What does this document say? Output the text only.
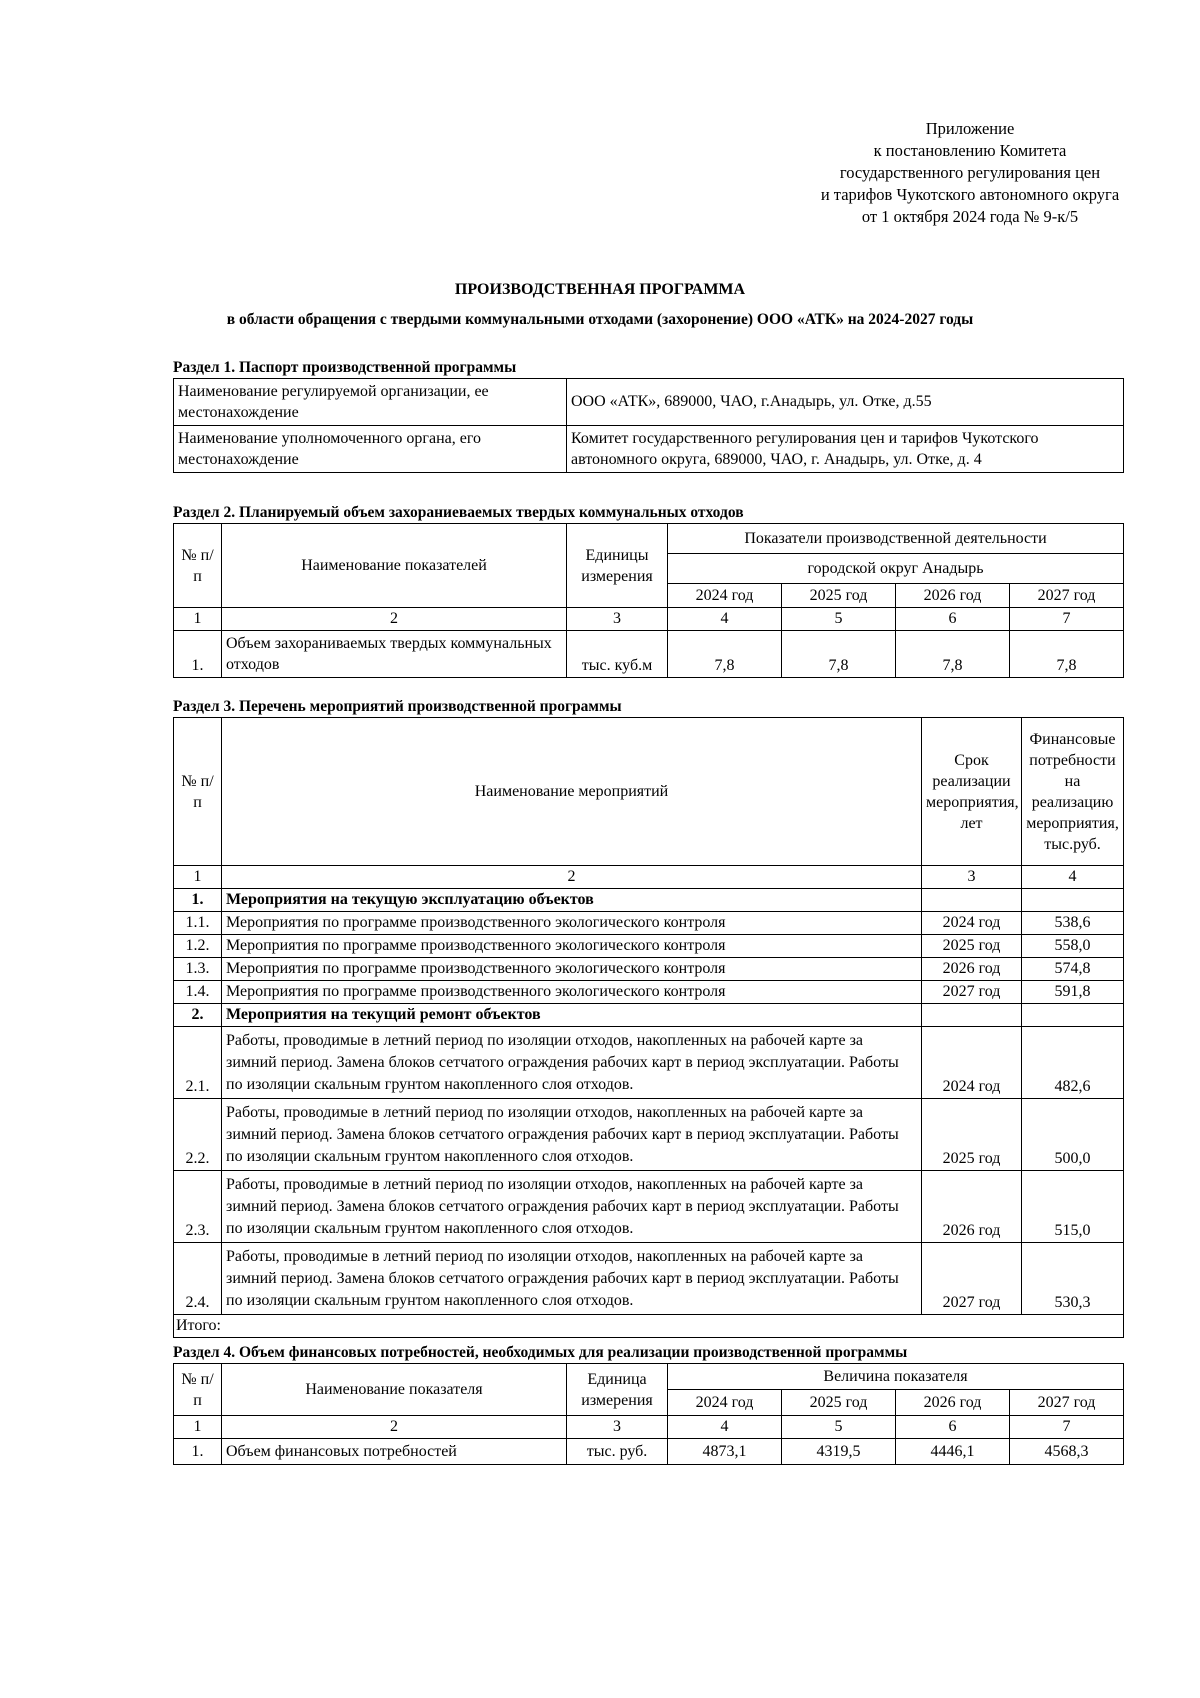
Приложение
к постановлению Комитета
государственного регулирования цен
и тарифов Чукотского автономного округа
от 1 октября 2024 года № 9-к/5
ПРОИЗВОДСТВЕННАЯ ПРОГРАММА
в области обращения с твердыми коммунальными отходами (захоронение) ООО «АТК» на 2024-2027 годы
Раздел 1. Паспорт производственной программы
Наименование регулируемой организации, ее местонахождение	ООО «АТК», 689000, ЧАО, г.Анадырь, ул. Отке, д.55
Наименование уполномоченного органа, его местонахождение	Комитет государственного регулирования цен и тарифов Чукотского автономного округа, 689000, ЧАО, г. Анадырь, ул. Отке, д. 4
Раздел 2. Планируемый объем захораниеваемых твердых коммунальных отходов
№ п/п	Наименование показателей	Единицы измерения	Показатели производственной деятельности			
			городской округ Анадырь			
			2024 год	2025 год	2026 год	2027 год
1	2	3	4	5	6	7
1.	Объем захораниваемых твердых коммунальных отходов	тыс. куб.м	7,8	7,8	7,8	7,8
Раздел 3. Перечень мероприятий производственной программы
№ п/п	Наименование мероприятий	Срок реализации мероприятия, лет	Финансовые потребности на реализацию мероприятия, тыс.руб.
1	2	3	4
1.	Мероприятия на текущую эксплуатацию объектов		
1.1.	Мероприятия по программе производственного экологического контроля	2024 год	538,6
1.2.	Мероприятия по программе производственного экологического контроля	2025 год	558,0
1.3.	Мероприятия по программе производственного экологического контроля	2026 год	574,8
1.4.	Мероприятия по программе производственного экологического контроля	2027 год	591,8
2.	Мероприятия на текущий ремонт объектов		
2.1.	Работы, проводимые в летний период по изоляции отходов, накопленных на рабочей карте за зимний период. Замена блоков сетчатого ограждения рабочих карт в период эксплуатации. Работы по изоляции скальным грунтом накопленного слоя отходов.	2024 год	482,6
2.2.	Работы, проводимые в летний период по изоляции отходов, накопленных на рабочей карте за зимний период. Замена блоков сетчатого ограждения рабочих карт в период эксплуатации. Работы по изоляции скальным грунтом накопленного слоя отходов.	2025 год	500,0
2.3.	Работы, проводимые в летний период по изоляции отходов, накопленных на рабочей карте за зимний период. Замена блоков сетчатого ограждения рабочих карт в период эксплуатации. Работы по изоляции скальным грунтом накопленного слоя отходов.	2026 год	515,0
2.4.	Работы, проводимые в летний период по изоляции отходов, накопленных на рабочей карте за зимний период. Замена блоков сетчатого ограждения рабочих карт в период эксплуатации. Работы по изоляции скальным грунтом накопленного слоя отходов.	2027 год	530,3
Итого:			
Раздел 4. Объем финансовых потребностей, необходимых для реализации производственной программы
№ п/п	Наименование показателя	Единица измерения	Величина показателя			
			2024 год	2025 год	2026 год	2027 год
1	2	3	4	5	6	7
1.	Объем финансовых потребностей	тыс. руб.	4873,1	4319,5	4446,1	4568,3
